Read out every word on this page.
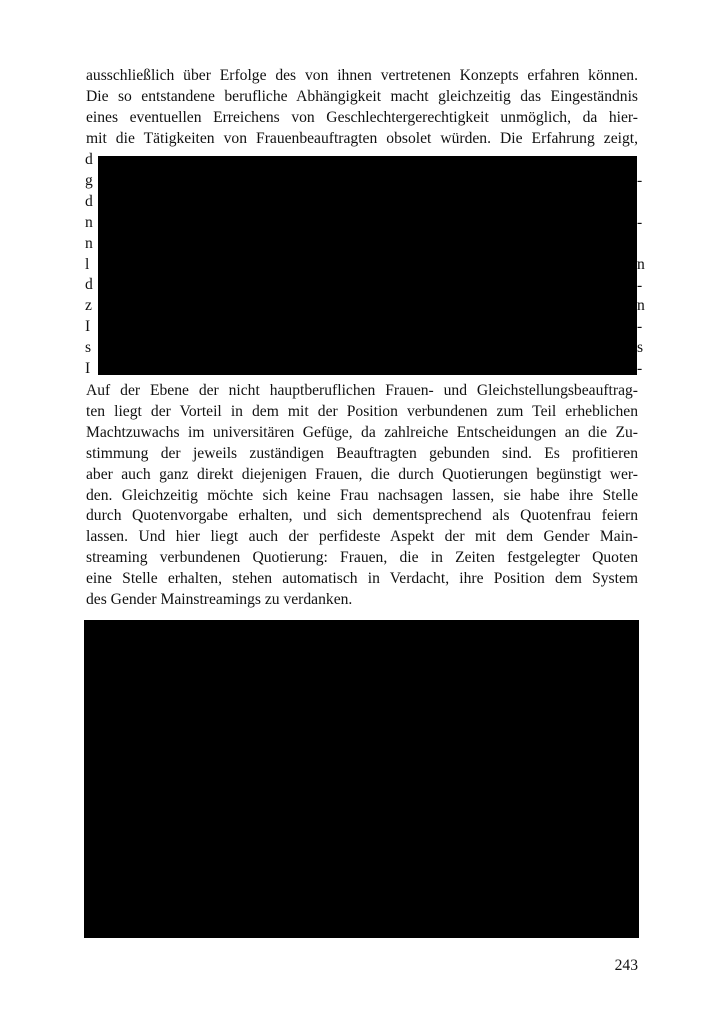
ausschließlich über Erfolge des von ihnen vertretenen Konzepts erfahren können.
Die so entstandene berufliche Abhängigkeit macht gleichzeitig das Eingeständnis
eines eventuellen Erreichens von Geschlechtergerechtigkeit unmöglich, da hier-
mit die Tätigkeiten von Frauenbeauftragten obsolet würden. Die Erfahrung zeigt,
d
g
d
n
n
l
d
z
I
s
I
-

-

n
-
n
-
s
-
Auf der Ebene der nicht hauptberuflichen Frauen- und Gleichstellungsbeauftrag-
ten liegt der Vorteil in dem mit der Position verbundenen zum Teil erheblichen
Machtzuwachs im universitären Gefüge, da zahlreiche Entscheidungen an die Zu-
stimmung der jeweils zuständigen Beauftragten gebunden sind. Es profitieren
aber auch ganz direkt diejenigen Frauen, die durch Quotierungen begünstigt wer-
den. Gleichzeitig möchte sich keine Frau nachsagen lassen, sie habe ihre Stelle
durch Quotenvorgabe erhalten, und sich dementsprechend als Quotenfrau feiern
lassen. Und hier liegt auch der perfideste Aspekt der mit dem Gender Main-
streaming verbundenen Quotierung: Frauen, die in Zeiten festgelegter Quoten
eine Stelle erhalten, stehen automatisch in Verdacht, ihre Position dem System
des Gender Mainstreamings zu verdanken.
243
